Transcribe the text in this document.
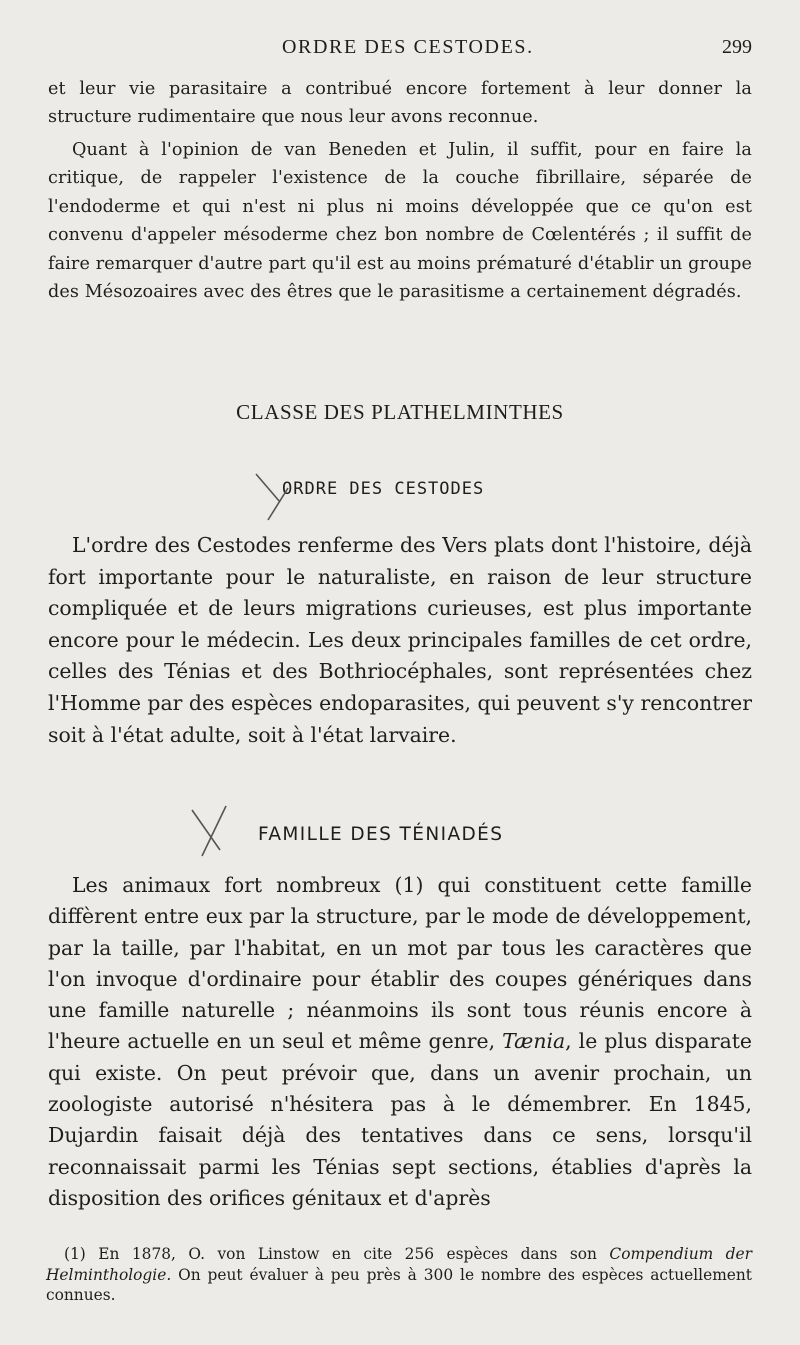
ORDRE DES CESTODES.	299

et leur vie parasitaire a contribué encore fortement à leur donner la structure rudimentaire que nous leur avons reconnue.

Quant à l'opinion de van Beneden et Julin, il suffit, pour en faire la critique, de rappeler l'existence de la couche fibrillaire, séparée de l'endoderme et qui n'est ni plus ni moins développée que ce qu'on est convenu d'appeler mésoderme chez bon nombre de Cœlentérés ; il suffit de faire remarquer d'autre part qu'il est au moins prématuré d'établir un groupe des Mésozoaires avec des êtres que le parasitisme a certainement dégradés.

CLASSE DES PLATHELMINTHES
ORDRE DES CESTODES

L'ordre des Cestodes renferme des Vers plats dont l'histoire, déjà fort importante pour le naturaliste, en raison de leur structure compliquée et de leurs migrations curieuses, est plus importante encore pour le médecin. Les deux principales familles de cet ordre, celles des Ténias et des Bothriocéphales, sont représentées chez l'Homme par des espèces endoparasites, qui peuvent s'y rencontrer soit à l'état adulte, soit à l'état larvaire.

FAMILLE DES TÉNIADÉS

Les animaux fort nombreux (1) qui constituent cette famille diffèrent entre eux par la structure, par le mode de développement, par la taille, par l'habitat, en un mot par tous les caractères que l'on invoque d'ordinaire pour établir des coupes génériques dans une famille naturelle ; néanmoins ils sont tous réunis encore à l'heure actuelle en un seul et même genre, Tænia, le plus disparate qui existe. On peut prévoir que, dans un avenir prochain, un zoologiste autorisé n'hésitera pas à le démembrer. En 1845, Dujardin faisait déjà des tentatives dans ce sens, lorsqu'il reconnaissait parmi les Ténias sept sections, établies d'après la disposition des orifices génitaux et d'après

(1) En 1878, O. von Linstow en cite 256 espèces dans son Compendium der Helminthologie. On peut évaluer à peu près à 300 le nombre des espèces actuellement connues.
